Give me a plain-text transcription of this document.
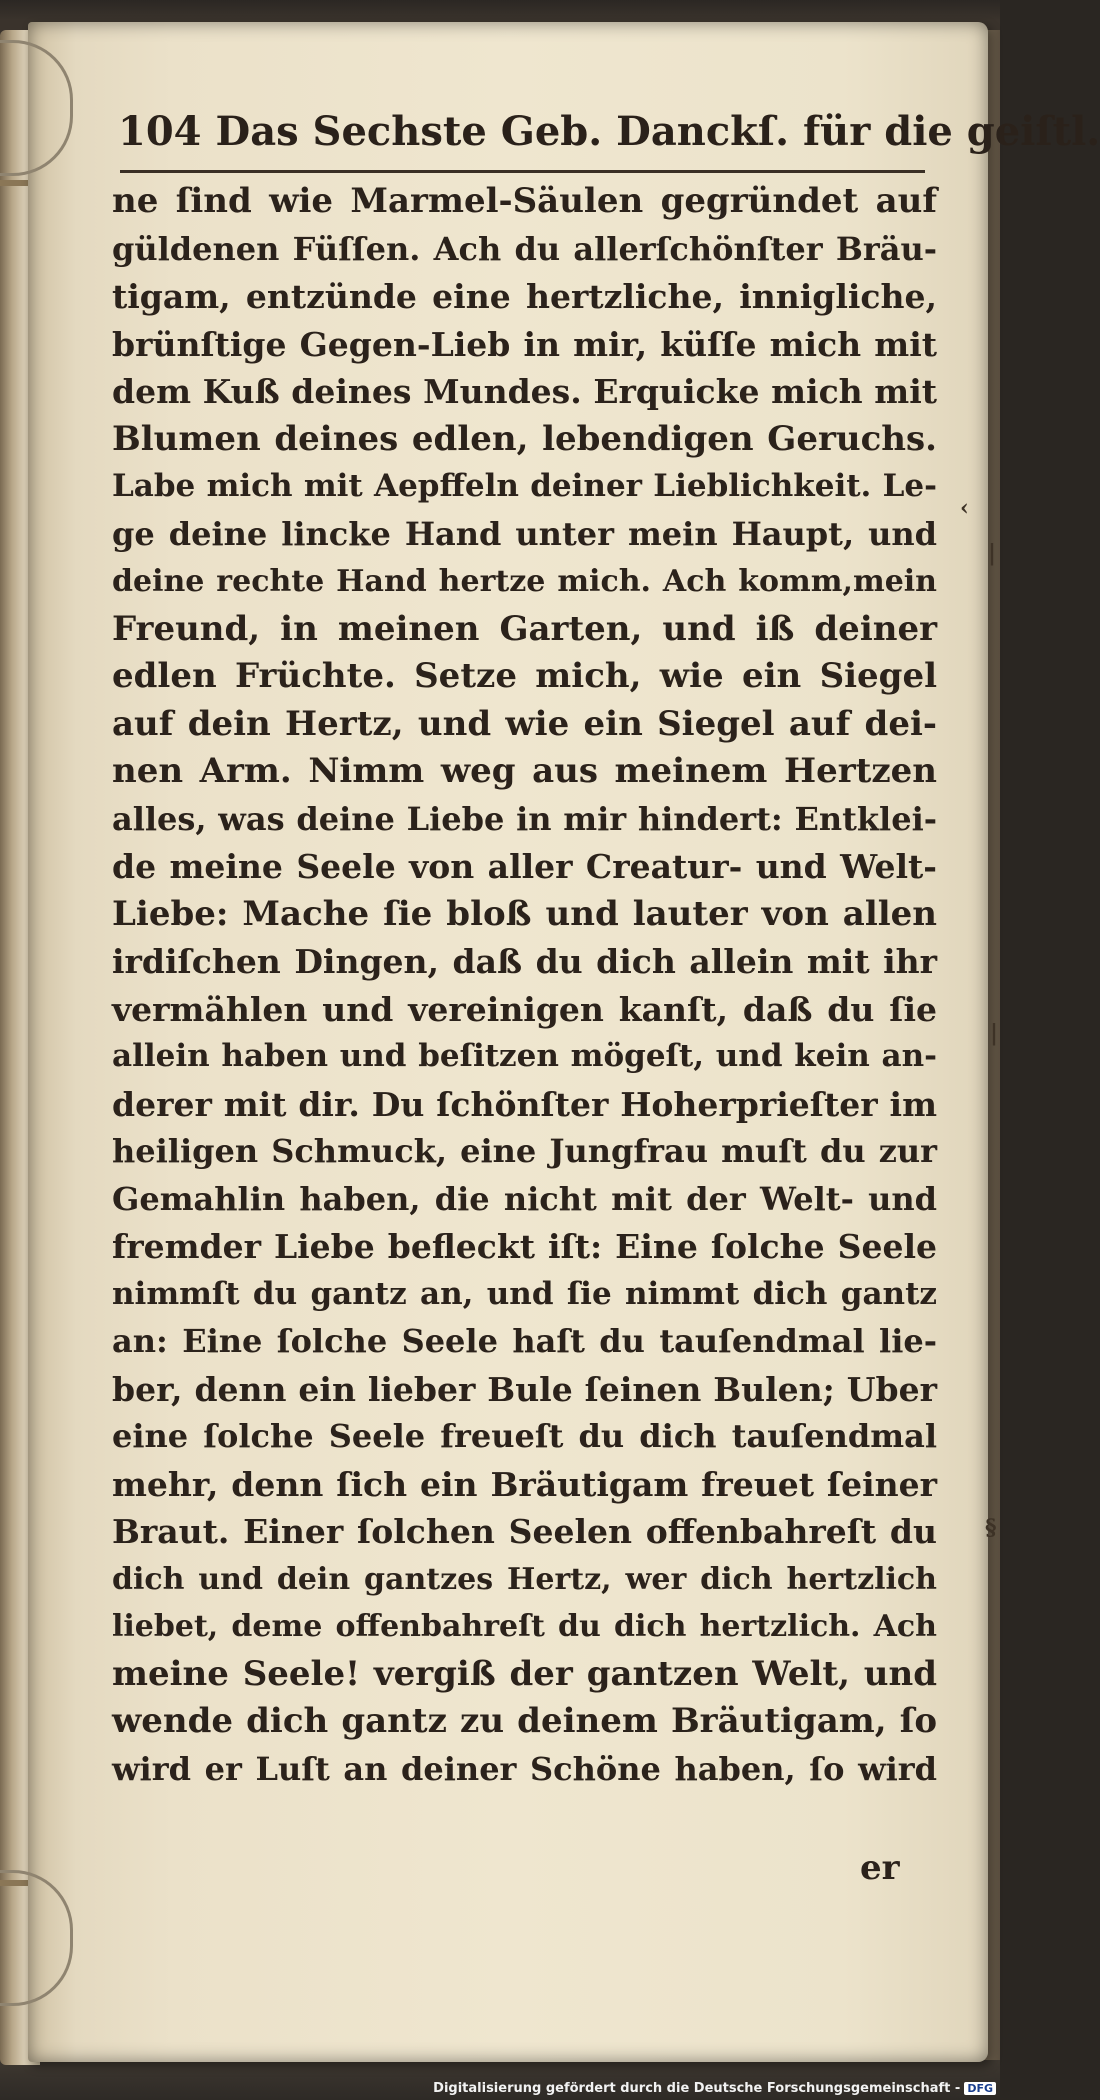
104 Das Sechste Geb. Danckſ. für die geiſtl.
ne ſind wie Marmel‑Säulen gegründet auf
güldenen Füſſen. Ach du allerſchönſter Bräu‑
tigam, entzünde eine hertzliche, innigliche,
brünſtige Gegen‑Lieb in mir, küſſe mich mit
dem Kuß deines Mundes. Erquicke mich mit
Blumen deines edlen, lebendigen Geruchs.
Labe mich mit Aepffeln deiner Lieblichkeit. Le‑
ge deine lincke Hand unter mein Haupt, und
deine rechte Hand hertze mich. Ach komm,mein
Freund, in meinen Garten, und iß deiner
edlen Früchte. Setze mich, wie ein Siegel
auf dein Hertz, und wie ein Siegel auf dei‑
nen Arm. Nimm weg aus meinem Hertzen
alles, was deine Liebe in mir hindert: Entklei‑
de meine Seele von aller Creatur‑ und Welt‑
Liebe: Mache ſie bloß und lauter von allen
irdiſchen Dingen, daß du dich allein mit ihr
vermählen und vereinigen kanſt, daß du ſie
allein haben und beſitzen mögeſt, und kein an‑
derer mit dir. Du ſchönſter Hoherprieſter im
heiligen Schmuck, eine Jungfrau muſt du zur
Gemahlin haben, die nicht mit der Welt‑ und
fremder Liebe befleckt iſt: Eine ſolche Seele
nimmſt du gantz an, und ſie nimmt dich gantz
an: Eine ſolche Seele haſt du tauſendmal lie‑
ber, denn ein lieber Bule ſeinen Bulen; Uber
eine ſolche Seele freueſt du dich tauſendmal
mehr, denn ſich ein Bräutigam freuet ſeiner
Braut. Einer ſolchen Seelen offenbahreſt du
dich und dein gantzes Hertz, wer dich hertzlich
liebet, deme offenbahreſt du dich hertzlich. Ach
meine Seele! vergiß der gantzen Welt, und
wende dich gantz zu deinem Bräutigam, ſo
wird er Luſt an deiner Schöne haben, ſo wird
er
‹
|
|
§
Digitalisierung gefördert durch die Deutsche Forschungsgemeinschaft - DFG
